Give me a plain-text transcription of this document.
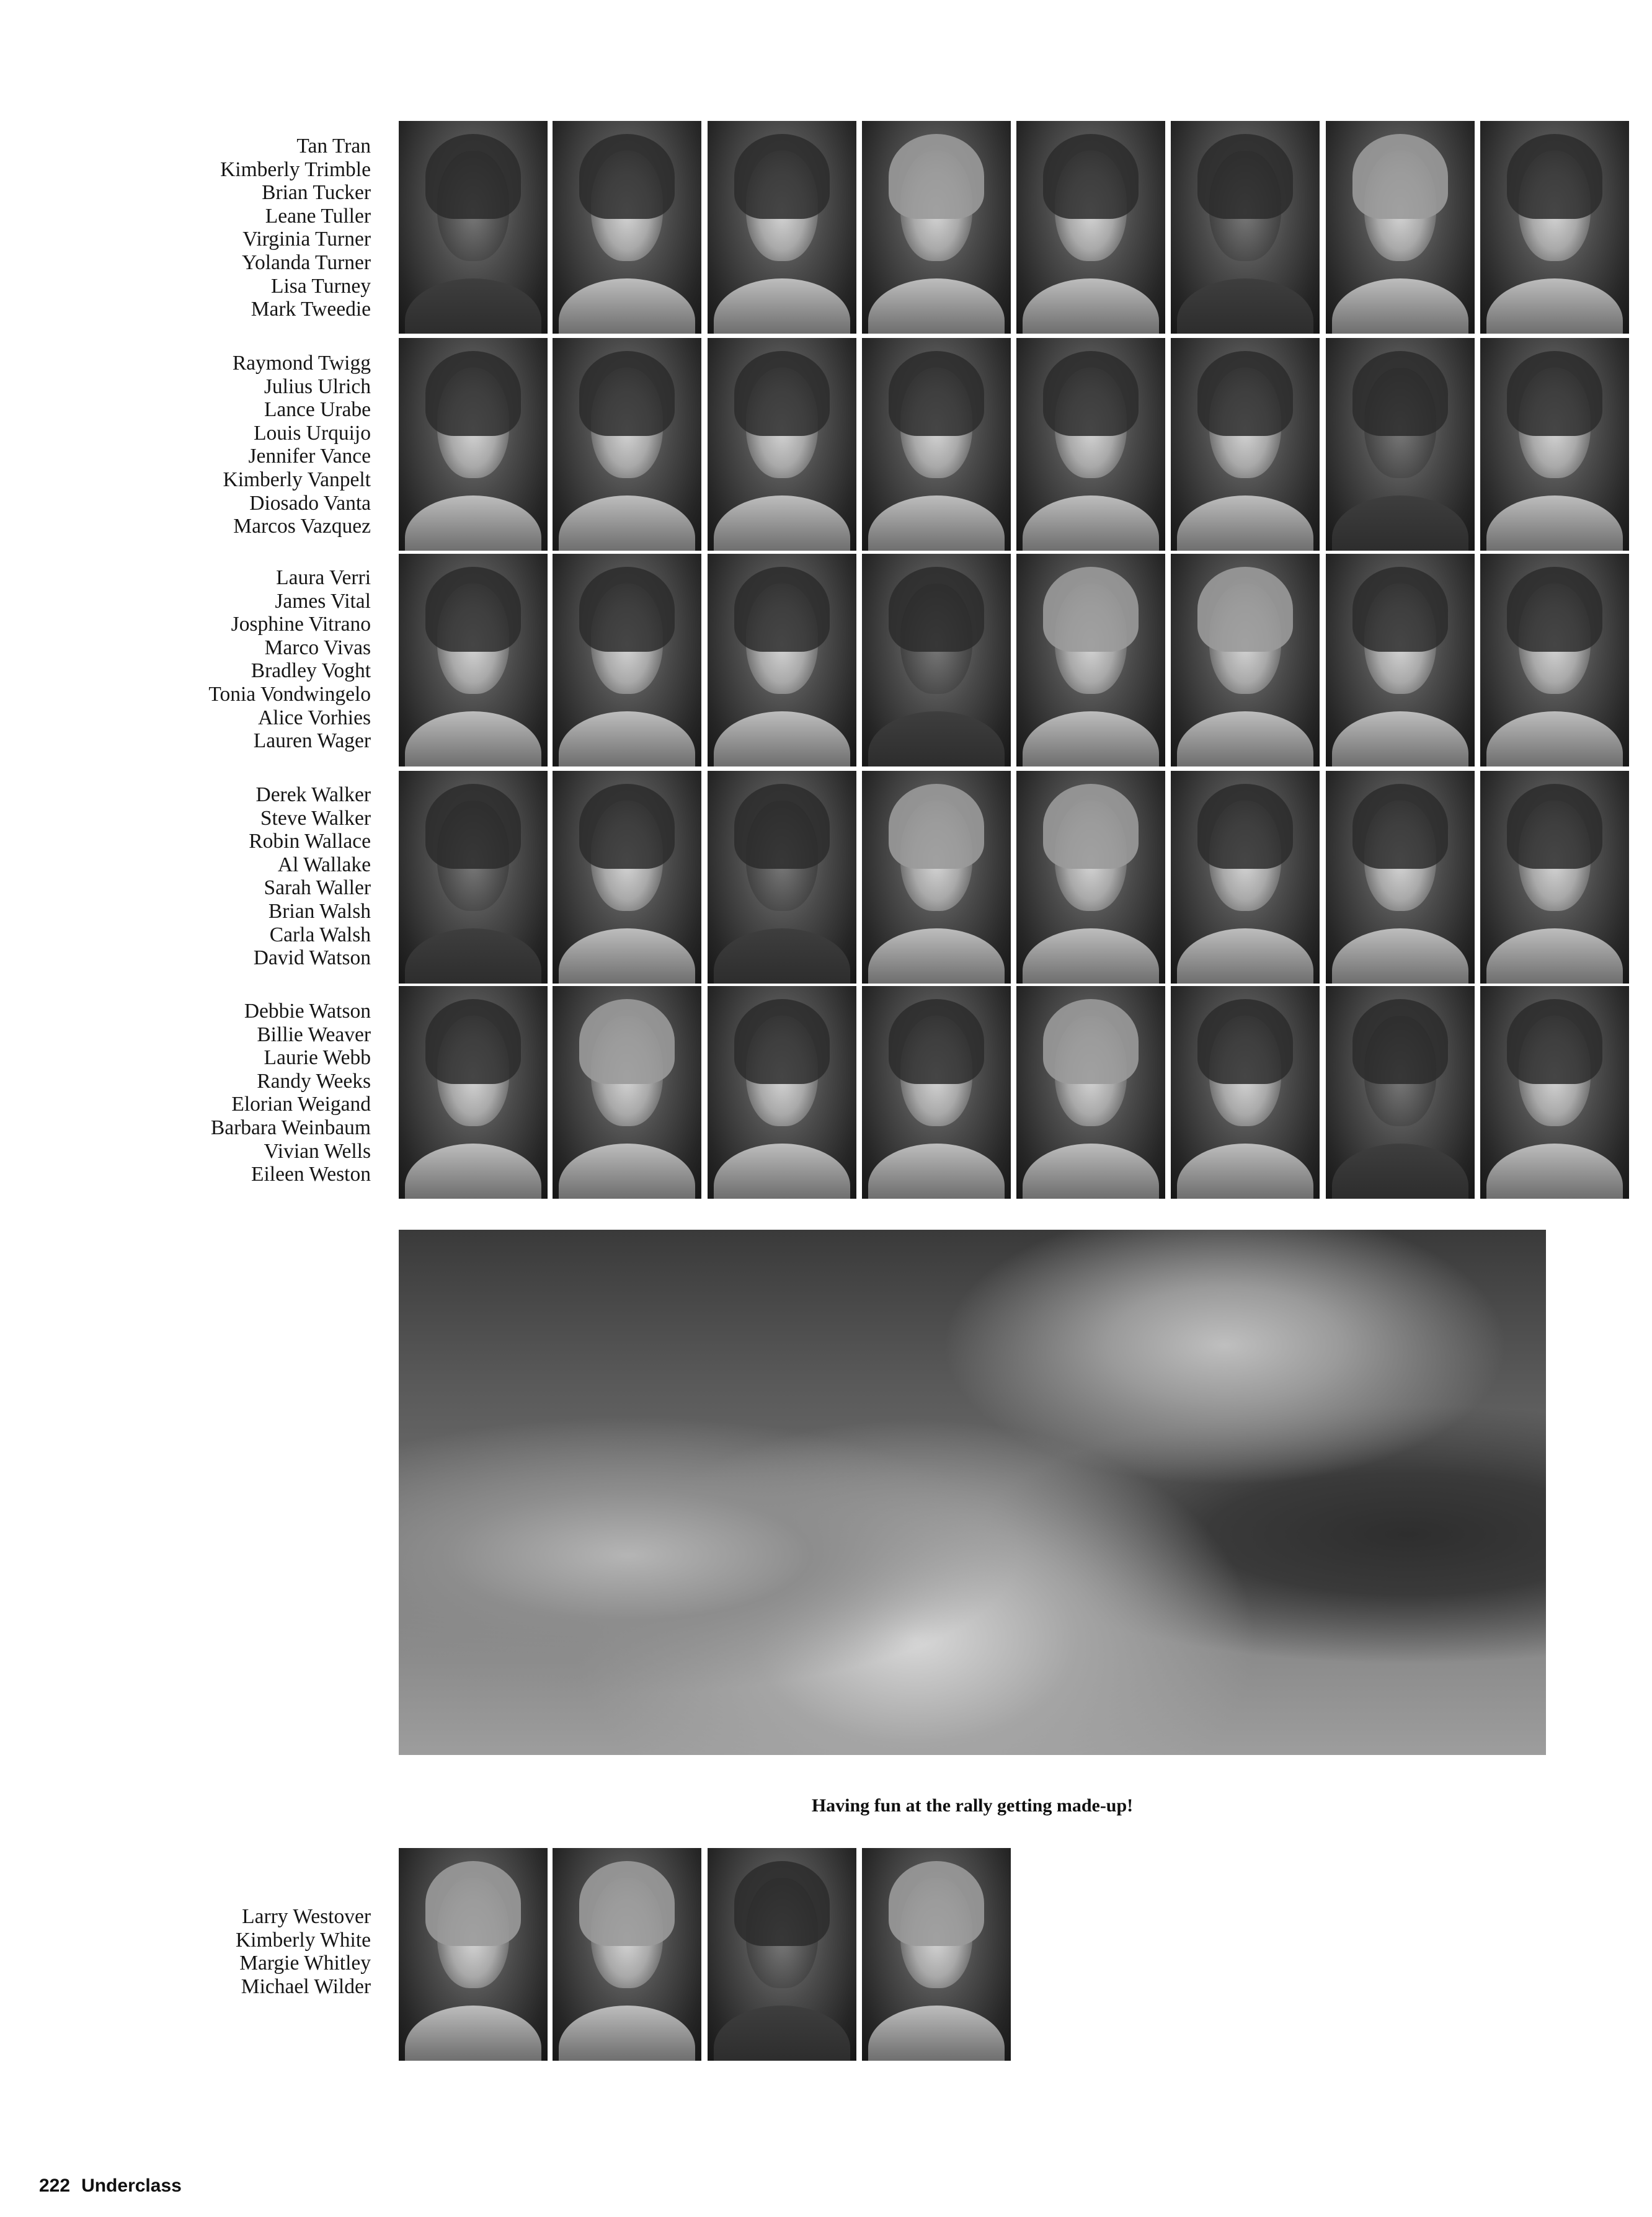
Having fun at the rally getting made-up!
222 Underclass
Tan Tran
Kimberly Trimble
Brian Tucker
Leane Tuller
Virginia Turner
Yolanda Turner
Lisa Turney
Mark Tweedie
Raymond Twigg
Julius Ulrich
Lance Urabe
Louis Urquijo
Jennifer Vance
Kimberly Vanpelt
Diosado Vanta
Marcos Vazquez
Laura Verri
James Vital
Josphine Vitrano
Marco Vivas
Bradley Voght
Tonia Vondwingelo
Alice Vorhies
Lauren Wager
Derek Walker
Steve Walker
Robin Wallace
Al Wallake
Sarah Waller
Brian Walsh
Carla Walsh
David Watson
Debbie Watson
Billie Weaver
Laurie Webb
Randy Weeks
Elorian Weigand
Barbara Weinbaum
Vivian Wells
Eileen Weston
Larry Westover
Kimberly White
Margie Whitley
Michael Wilder
